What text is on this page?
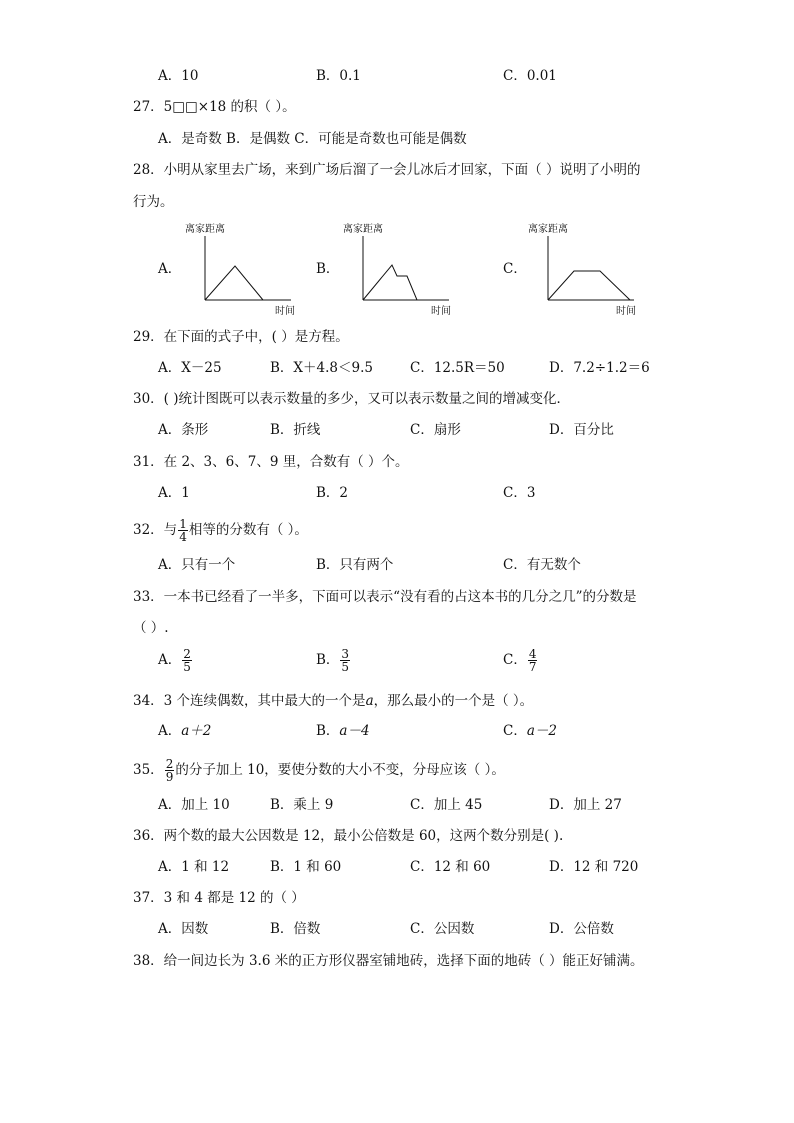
A．10	B．0.1	C．0.01
27．5□□×18 的积（ ）。
A．是奇数 B．是偶数 C．可能是奇数也可能是偶数
28．小明从家里去广场，来到广场后溜了一会儿冰后才回家，下面（ ）说明了小明的
行为。
A．
离家距离
时间
B．
离家距离
时间
C．
离家距离
时间
29．在下面的式子中，( ）是方程。
A．X－25	B．X＋4.8＜9.5	C．12.5R＝50	D．7.2÷1.2＝6
30．( )统计图既可以表示数量的多少，又可以表示数量之间的增减变化．
A．条形	B．折线	C．扇形	D．百分比
31．在 2、3、6、7、9 里，合数有（ ）个。
A．1	B．2	C．3
32．与 $\frac{1}{4}$ 相等的分数有（ ）。
A．只有一个	B．只有两个	C．有无数个
33．一本书已经看了一半多，下面可以表示“没有看的占这本书的几分之几”的分数是
（ ）.
A． $\frac{2}{5}$	B． $\frac{3}{5}$	C． $\frac{4}{7}$
34．3 个连续偶数，其中最大的一个是a，那么最小的一个是（ ）。
A．a＋2	B．a－4	C．a－2
35． $\frac{2}{9}$ 的分子加上 10，要使分数的大小不变，分母应该（ ）。
A．加上 10	B．乘上 9	C．加上 45	D．加上 27
36．两个数的最大公因数是 12，最小公倍数是 60，这两个数分别是( ).
A．1 和 12	B．1 和 60	C．12 和 60	D．12 和 720
37．3 和 4 都是 12 的（ ）
A．因数	B．倍数	C．公因数	D．公倍数
38．给一间边长为 3.6 米的正方形仪器室铺地砖，选择下面的地砖（ ）能正好铺满。
